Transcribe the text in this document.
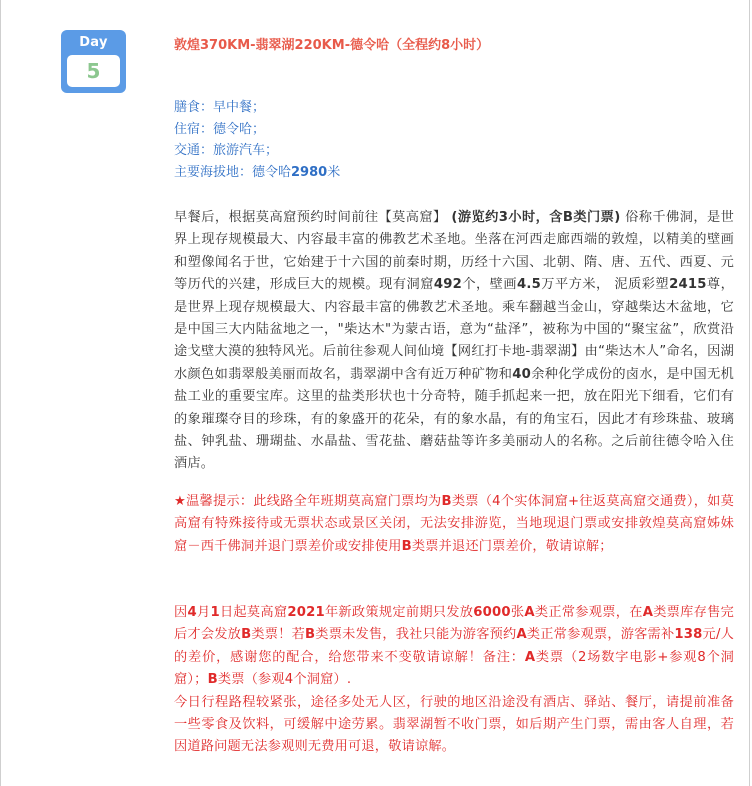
Day
5
敦煌370KM-翡翠湖220KM-德令哈（全程约8小时）
膳食：早中餐；
住宿：德令哈；
交通：旅游汽车；
主要海拔地：德令哈2980米
早餐后，根据莫高窟预约时间前往【莫高窟】 (游览约3小时，含B类门票) 俗称千佛洞，是世界上现存规模最大、内容最丰富的佛教艺术圣地。坐落在河西走廊西端的敦煌，以精美的壁画和塑像闻名于世，它始建于十六国的前秦时期，历经十六国、北朝、隋、唐、五代、西夏、元等历代的兴建，形成巨大的规模。现有洞窟492个，壁画4.5万平方米， 泥质彩塑2415尊，是世界上现存规模最大、内容最丰富的佛教艺术圣地。乘车翻越当金山，穿越柴达木盆地，它是中国三大内陆盆地之一，"柴达木"为蒙古语，意为“盐泽”，被称为中国的“聚宝盆”，欣赏沿途戈壁大漠的独特风光。后前往参观人间仙境【网红打卡地-翡翠湖】由“柴达木人”命名，因湖水颜色如翡翠般美丽而故名，翡翠湖中含有近万种矿物和40余种化学成份的卤水，是中国无机盐工业的重要宝库。这里的盐类形状也十分奇特，随手抓起来一把，放在阳光下细看，它们有的象璀璨夺目的珍珠，有的象盛开的花朵，有的象水晶，有的角宝石，因此才有珍珠盐、玻璃盐、钟乳盐、珊瑚盐、水晶盐、雪花盐、蘑菇盐等许多美丽动人的名称。之后前往德令哈入住酒店。
★温馨提示：此线路全年班期莫高窟门票均为B类票（4个实体洞窟+往返莫高窟交通费），如莫高窟有特殊接待或无票状态或景区关闭，无法安排游览，当地现退门票或安排敦煌莫高窟姊妹窟－西千佛洞并退门票差价或安排使用B类票并退还门票差价，敬请谅解；
因4月1日起莫高窟2021年新政策规定前期只发放6000张A类正常参观票，在A类票库存售完后才会发放B类票！若B类票未发售，我社只能为游客预约A类正常参观票，游客需补138元/人的差价，感谢您的配合，给您带来不变敬请谅解！备注：A类票（2场数字电影+参观8个洞窟）；B类票（参观4个洞窟）.
今日行程路程较紧张，途径多处无人区，行驶的地区沿途没有酒店、驿站、餐厅，请提前准备一些零食及饮料，可缓解中途劳累。翡翠湖暂不收门票，如后期产生门票，需由客人自理，若因道路问题无法参观则无费用可退，敬请谅解。
